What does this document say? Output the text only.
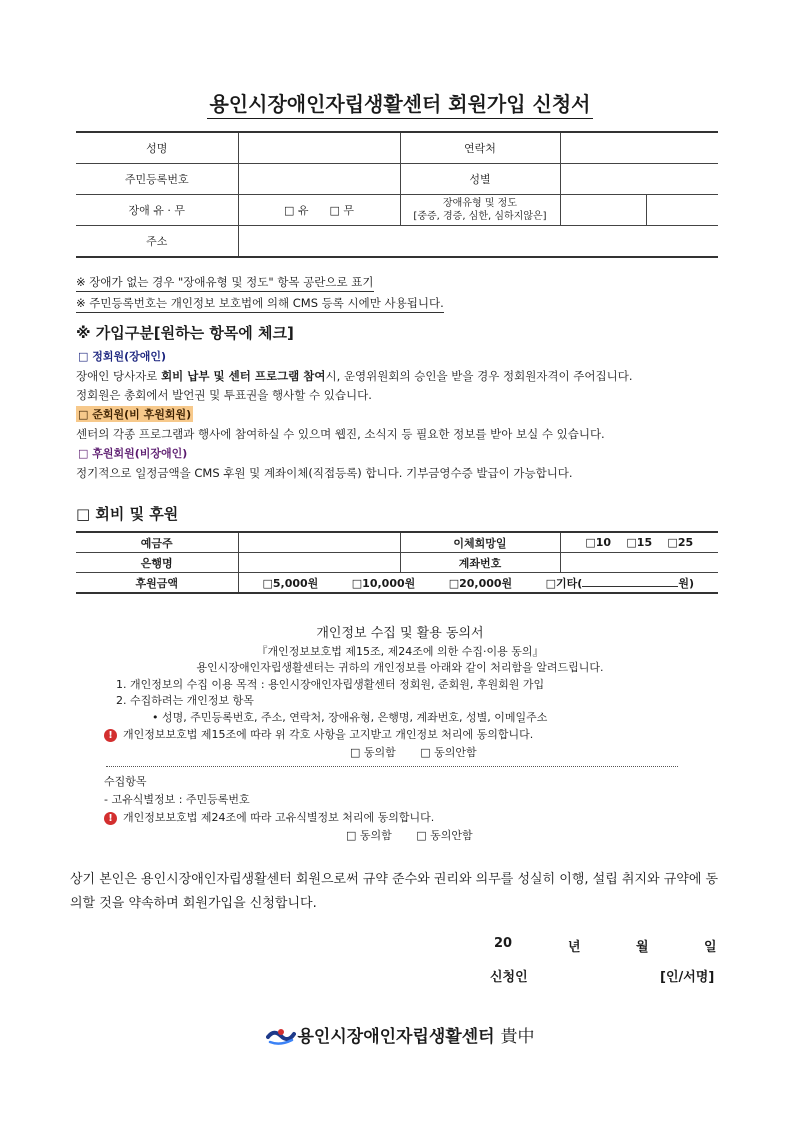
용인시장애인자립생활센터 회원가입 신청서
성명		연락처		
주민등록번호		성별		
장애 유 · 무	□ 유 □ 무	장애유형 및 정도
[중증, 경증, 심한, 심하지않은]		

주소				
※ 장애가 없는 경우 "장애유형 및 정도" 항목 공란으로 표기
※ 주민등록번호는 개인정보 보호법에 의해 CMS 등록 시에만 사용됩니다.
※ 가입구분[원하는 항목에 체크]
□ 정회원(장애인)
장애인 당사자로 회비 납부 및 센터 프로그램 참여시, 운영위원회의 승인을 받을 경우 정회원자격이 주어집니다.
정회원은 총회에서 발언권 및 투표권을 행사할 수 있습니다.
□ 준회원(비 후원회원)
센터의 각종 프로그램과 행사에 참여하실 수 있으며 웹진, 소식지 등 필요한 정보를 받아 보실 수 있습니다.
□ 후원회원(비장애인)
정기적으로 일정금액을 CMS 후원 및 계좌이체(직접등록) 합니다. 기부금영수증 발급이 가능합니다.
□ 회비 및 후원
예금주		이체희망일	□10 □15 □25
은행명		계좌번호	
후원금액	□5,000원 □10,000원 □20,000원 □기타( 원)		
개인정보 수집 및 활용 동의서
『개인정보보호법 제15조, 제24조에 의한 수집·이용 동의』
용인시장애인자립생활센터는 귀하의 개인정보를 아래와 같이 처리함을 알려드립니다.
1. 개인정보의 수집 이용 목적 : 용인시장애인자립생활센터 정회원, 준회원, 후원회원 가입
2. 수집하려는 개인정보 항목
• 성명, 주민등록번호, 주소, 연락처, 장애유형, 은행명, 계좌번호, 성별, 이메일주소
! 개인정보보호법 제15조에 따라 위 각호 사항을 고지받고 개인정보 처리에 동의합니다.
□ 동의함 □ 동의안함
수집항목
- 고유식별정보 : 주민등록번호
! 개인정보보호법 제24조에 따라 고유식별정보 처리에 동의합니다.
□ 동의함 □ 동의안함
상기 본인은 용인시장애인자립생활센터 회원으로써 규약 준수와 권리와 의무를 성실히 이행, 설립 취지와 규약에 동의할 것을 약속하며 회원가입을 신청합니다.
20	년	월	일
신청인	[인/서명]
용인시장애인자립생활센터 貴中
